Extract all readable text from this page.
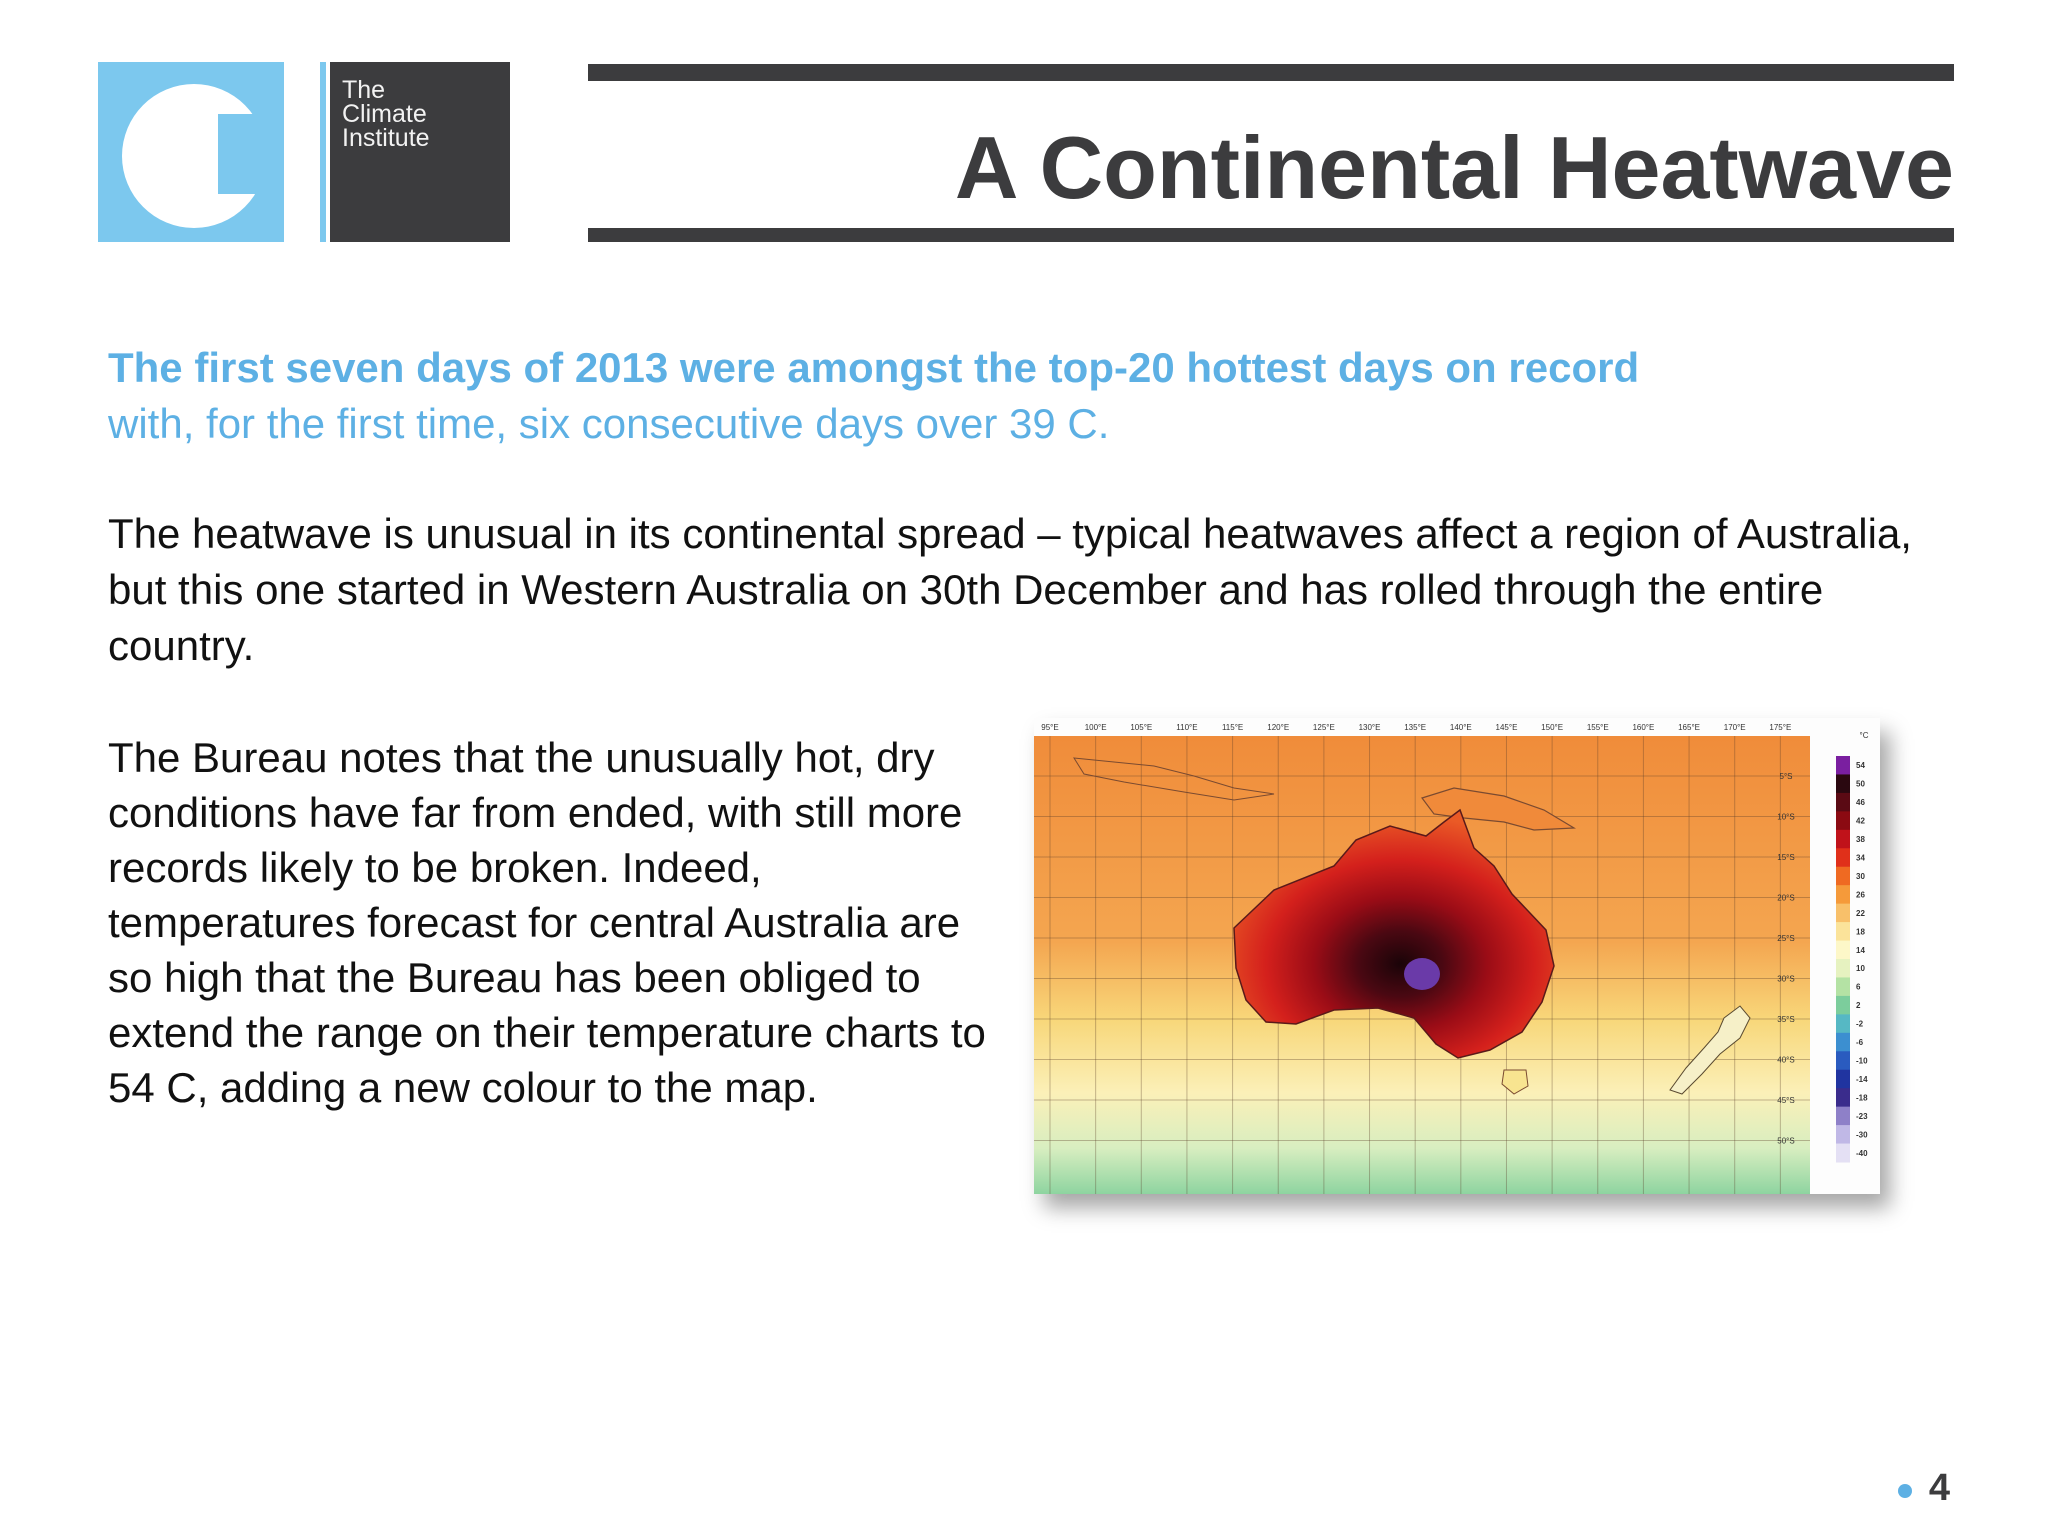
The
Climate
Institute	A Continental Heatwave
The first seven days of 2013 were amongst the top-20 hottest days on record
with, for the first time, six consecutive days over 39 C.
The heatwave is unusual in its continental spread – typical heatwaves affect a region of Australia, but this one started in Western Australia on 30th December and has rolled through the entire country.
The Bureau notes that the unusually hot, dry conditions have far from ended, with still more records likely to be broken. Indeed, temperatures forecast for central Australia are so high that the Bureau has been obliged to extend the range on their temperature charts to 54 C, adding a new colour to the map.
95°E	100°E	105°E	110°E	115°E	120°E	125°E	130°E	135°E	140°E	145°E	150°E	155°E	160°E	165°E	170°E	175°E
5°S
10°S
15°S
20°S
25°S
30°S
35°S
40°S
45°S
50°S
°C
54
50
46
42
38
34
30
26
22
18
14
10
6
2
-2
-6
-10
-14
-18
-23
-30
-40
4
